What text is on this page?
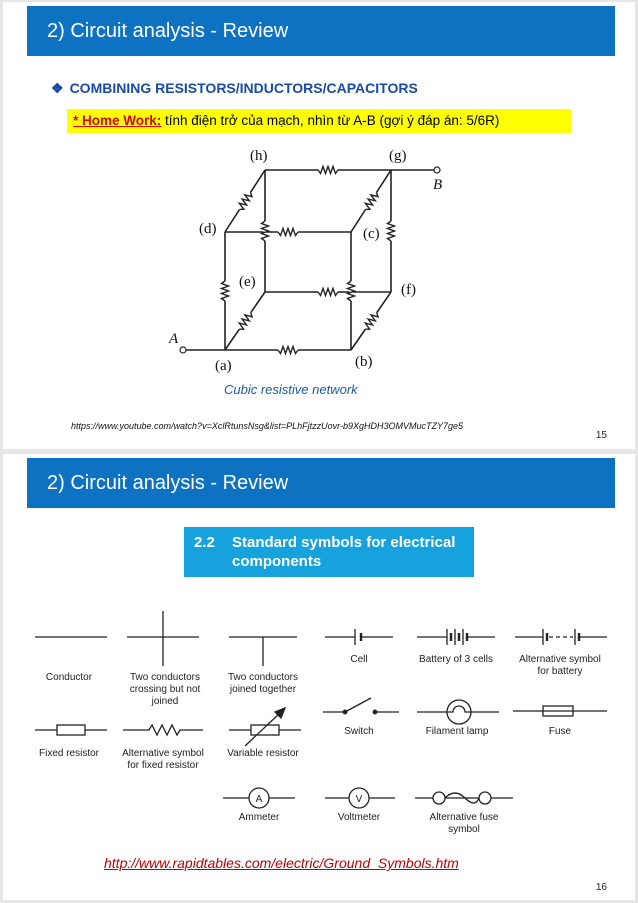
2) Circuit analysis - Review
❖ COMBINING RESISTORS/INDUCTORS/CAPACITORS
* Home Work: tính điện trở của mạch, nhìn từ A-B (gợi ý đáp án: 5/6R)
(h)	(g)
B
(d)	(c)
(e)	(f)
A
(a)	(b)
Cubic resistive network
https://www.youtube.com/watch?v=XclRtunsNsg&list=PLhFjtzzUovr-b9XgHDH3OMVMucTZY7ge5
15
2) Circuit analysis - Review
2.2 Standard symbols for electrical components
A	V
Conductor	Two conductors
crossing but not
joined
Two conductors
joined together
Cell	Battery of 3 cells	Alternative symbol
for battery
Fixed resistor Alternative symbol
for fixed resistor
Variable resistor
Switch	Filament lamp	Fuse
Ammeter	Voltmeter	Alternative fuse
symbol
http://www.rapidtables.com/electric/Ground_Symbols.htm
16
